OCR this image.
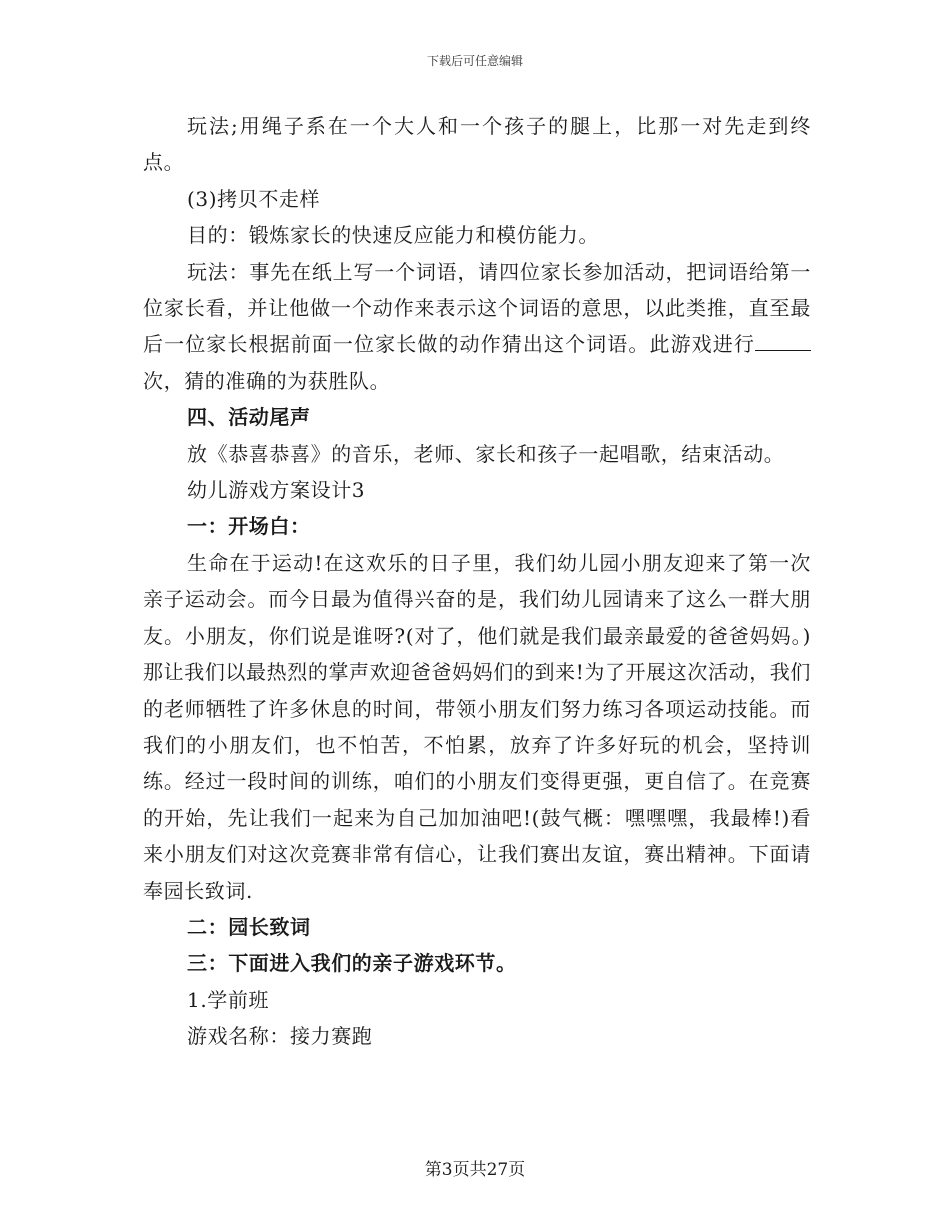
下载后可任意编辑

玩法;用绳子系在一个大人和一个孩子的腿上，比那一对先走到终点。

(3)拷贝不走样

目的：锻炼家长的快速反应能力和模仿能力。

玩法：事先在纸上写一个词语，请四位家长参加活动，把词语给第一位家长看，并让他做一个动作来表示这个词语的意思，以此类推，直至最后一位家长根据前面一位家长做的动作猜出这个词语。此游戏进行次，猜的准确的为获胜队。

四、活动尾声

放《恭喜恭喜》的音乐，老师、家长和孩子一起唱歌，结束活动。

幼儿游戏方案设计3

一：开场白：

生命在于运动!在这欢乐的日子里，我们幼儿园小朋友迎来了第一次亲子运动会。而今日最为值得兴奋的是，我们幼儿园请来了这么一群大朋友。小朋友，你们说是谁呀?(对了，他们就是我们最亲最爱的爸爸妈妈。)那让我们以最热烈的掌声欢迎爸爸妈妈们的到来!为了开展这次活动，我们的老师牺牲了许多休息的时间，带领小朋友们努力练习各项运动技能。而我们的小朋友们，也不怕苦，不怕累，放弃了许多好玩的机会，坚持训练。经过一段时间的训练，咱们的小朋友们变得更强，更自信了。在竞赛的开始，先让我们一起来为自己加加油吧!(鼓气概：嘿嘿嘿，我最棒!)看来小朋友们对这次竞赛非常有信心，让我们赛出友谊，赛出精神。下面请奉园长致词.

二：园长致词

三：下面进入我们的亲子游戏环节。

1.学前班

游戏名称：接力赛跑

第3页共27页
